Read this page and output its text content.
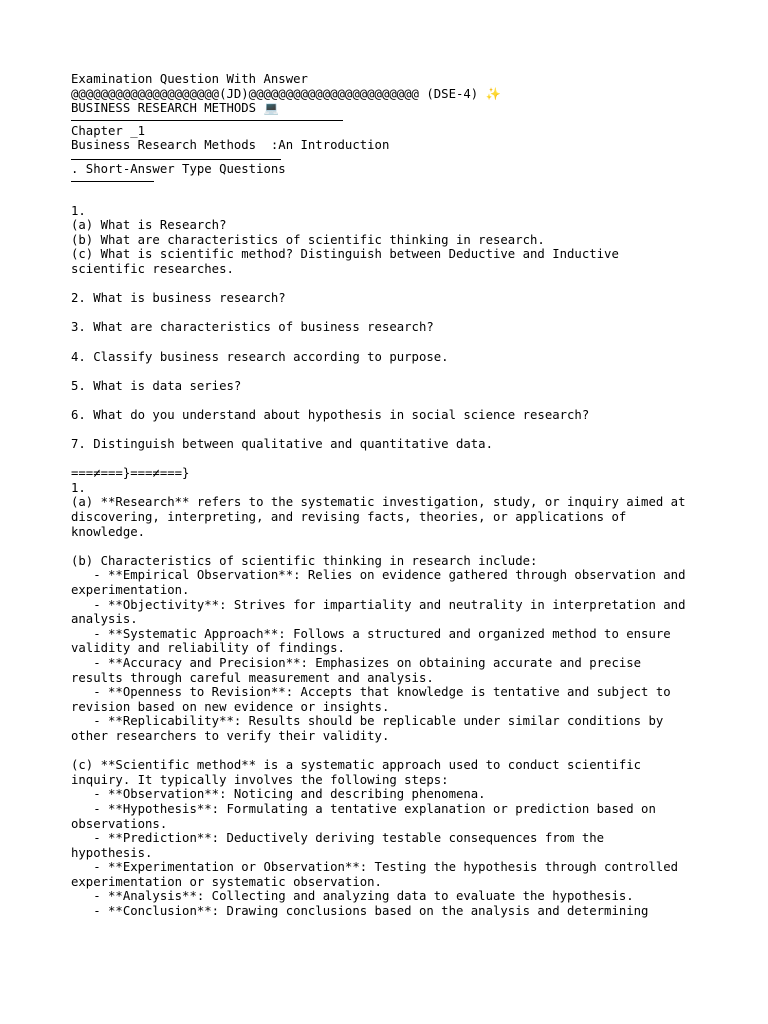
Examination Question With Answer
@@@@@@@@@@@@@@@@@@@@(JD)@@@@@@@@@@@@@@@@@@@@@@@ (DSE-4) ✨
BUSINESS RESEARCH METHODS 💻
Chapter _1
Business Research Methods  :An Introduction
. Short-Answer Type Questions
1.
(a) What is Research?
(b) What are characteristics of scientific thinking in research.
(c) What is scientific method? Distinguish between Deductive and Inductive
scientific researches.
2. What is business research?
3. What are characteristics of business research?
4. Classify business research according to purpose.
5. What is data series?
6. What do you understand about hypothesis in social science research?
7. Distinguish between qualitative and quantitative data.
===≠===}===≠===}
1.
(a) **Research** refers to the systematic investigation, study, or inquiry aimed at
discovering, interpreting, and revising facts, theories, or applications of
knowledge.
(b) Characteristics of scientific thinking in research include:
- **Empirical Observation**: Relies on evidence gathered through observation and
experimentation.
- **Objectivity**: Strives for impartiality and neutrality in interpretation and
analysis.
- **Systematic Approach**: Follows a structured and organized method to ensure
validity and reliability of findings.
- **Accuracy and Precision**: Emphasizes on obtaining accurate and precise
results through careful measurement and analysis.
- **Openness to Revision**: Accepts that knowledge is tentative and subject to
revision based on new evidence or insights.
- **Replicability**: Results should be replicable under similar conditions by
other researchers to verify their validity.
(c) **Scientific method** is a systematic approach used to conduct scientific
inquiry. It typically involves the following steps:
- **Observation**: Noticing and describing phenomena.
- **Hypothesis**: Formulating a tentative explanation or prediction based on
observations.
- **Prediction**: Deductively deriving testable consequences from the
hypothesis.
- **Experimentation or Observation**: Testing the hypothesis through controlled
experimentation or systematic observation.
- **Analysis**: Collecting and analyzing data to evaluate the hypothesis.
- **Conclusion**: Drawing conclusions based on the analysis and determining
